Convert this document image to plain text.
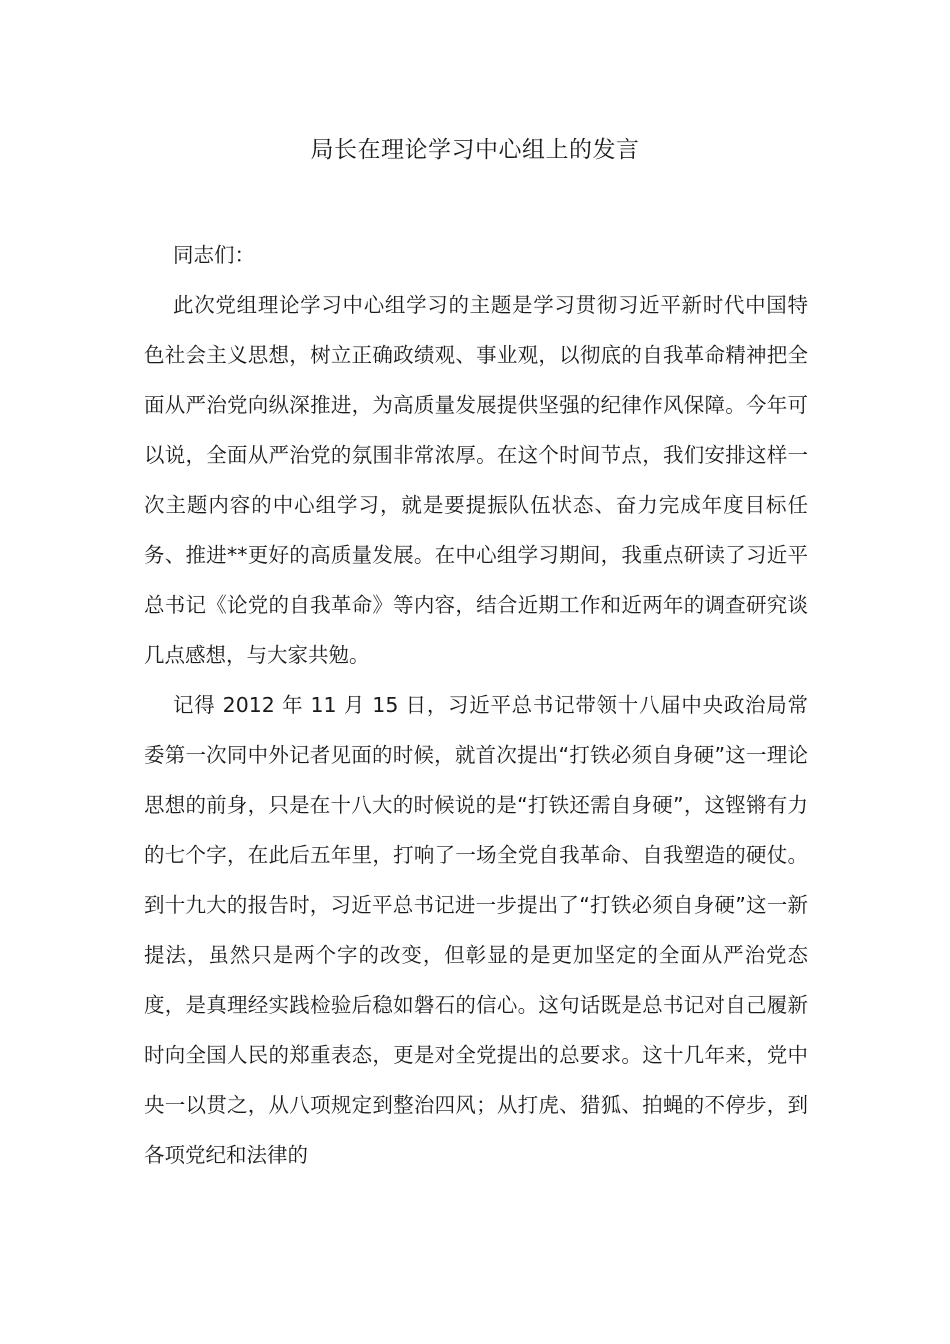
局长在理论学习中心组上的发言

同志们：

此次党组理论学习中心组学习的主题是学习贯彻习近平新时代中国特色社会主义思想，树立正确政绩观、事业观，以彻底的自我革命精神把全面从严治党向纵深推进，为高质量发展提供坚强的纪律作风保障。今年可以说，全面从严治党的氛围非常浓厚。在这个时间节点，我们安排这样一次主题内容的中心组学习，就是要提振队伍状态、奋力完成年度目标任务、推进**更好的高质量发展。在中心组学习期间，我重点研读了习近平总书记《论党的自我革命》等内容，结合近期工作和近两年的调查研究谈几点感想，与大家共勉。

记得 2012 年 11 月 15 日，习近平总书记带领十八届中央政治局常委第一次同中外记者见面的时候，就首次提出“打铁必须自身硬”这一理论思想的前身，只是在十八大的时候说的是“打铁还需自身硬”，这铿锵有力的七个字，在此后五年里，打响了一场全党自我革命、自我塑造的硬仗。到十九大的报告时，习近平总书记进一步提出了“打铁必须自身硬”这一新提法，虽然只是两个字的改变，但彰显的是更加坚定的全面从严治党态度，是真理经实践检验后稳如磐石的信心。这句话既是总书记对自己履新时向全国人民的郑重表态，更是对全党提出的总要求。这十几年来，党中央一以贯之，从八项规定到整治四风；从打虎、猎狐、拍蝇的不停步，到各项党纪和法律的
